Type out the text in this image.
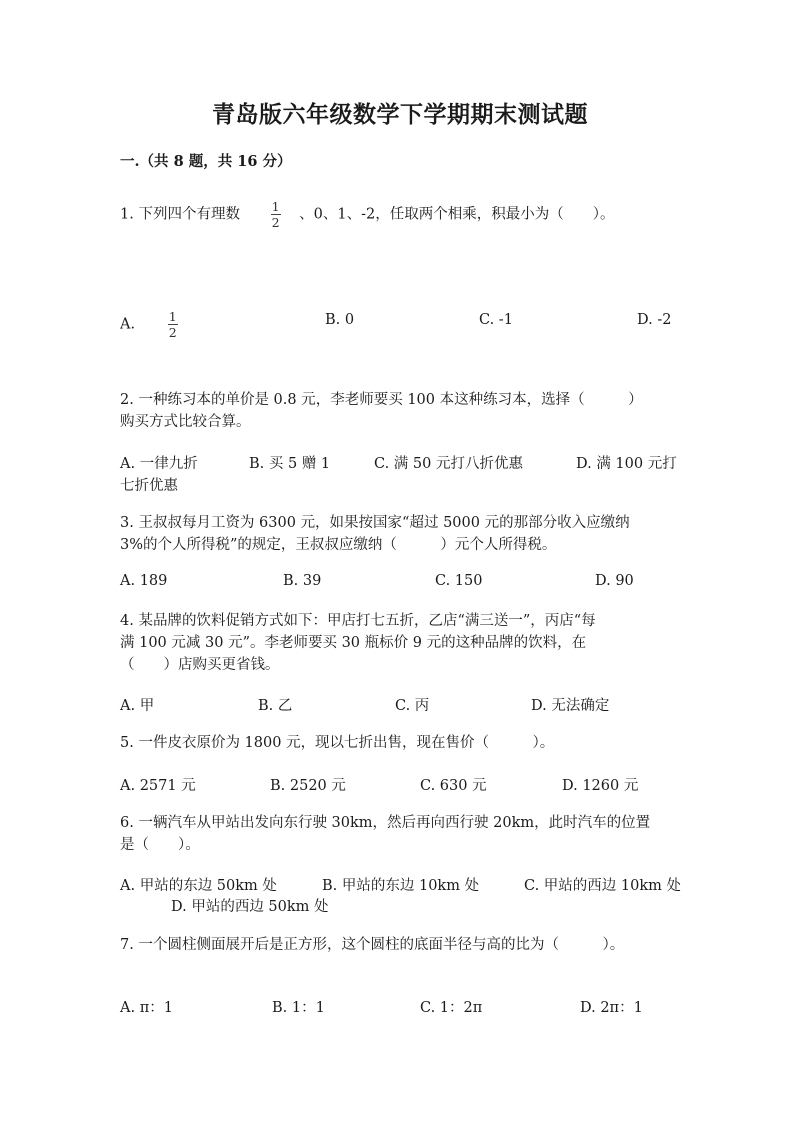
青岛版六年级数学下学期期末测试题
一.（共 8 题，共 16 分）
1. 下列四个有理数 $\frac{1}{2}$ 、0、1、-2，任取两个相乘，积最小为（　　）。
A.	$\frac{1}{2}$	B. 0	C. -1	D. -2
2. 一种练习本的单价是 0.8 元，李老师要买 100 本这种练习本，选择（　　　）
购买方式比较合算。
A. 一律九折	B. 买 5 赠 1	C. 满 50 元打八折优惠	D. 满 100 元打
七折优惠
3. 王叔叔每月工资为 6300 元，如果按国家“超过 5000 元的那部分收入应缴纳
3%的个人所得税”的规定，王叔叔应缴纳（　　　）元个人所得税。
A. 189	B. 39	C. 150	D. 90
4. 某品牌的饮料促销方式如下：甲店打七五折，乙店“满三送一”，丙店“每
满 100 元减 30 元”。李老师要买 30 瓶标价 9 元的这种品牌的饮料，在
（　　）店购买更省钱。
A. 甲	B. 乙	C. 丙	D. 无法确定
5. 一件皮衣原价为 1800 元，现以七折出售，现在售价（　　　）。
A. 2571 元	B. 2520 元	C. 630 元	D. 1260 元
6. 一辆汽车从甲站出发向东行驶 30km，然后再向西行驶 20km，此时汽车的位置
是（　　）。
A. 甲站的东边 50km 处	B. 甲站的东边 10km 处	C. 甲站的西边 10km 处
D. 甲站的西边 50km 处
7. 一个圆柱侧面展开后是正方形，这个圆柱的底面半径与高的比为（　　　）。
A. π：1	B. 1：1	C. 1：2π	D. 2π：1
